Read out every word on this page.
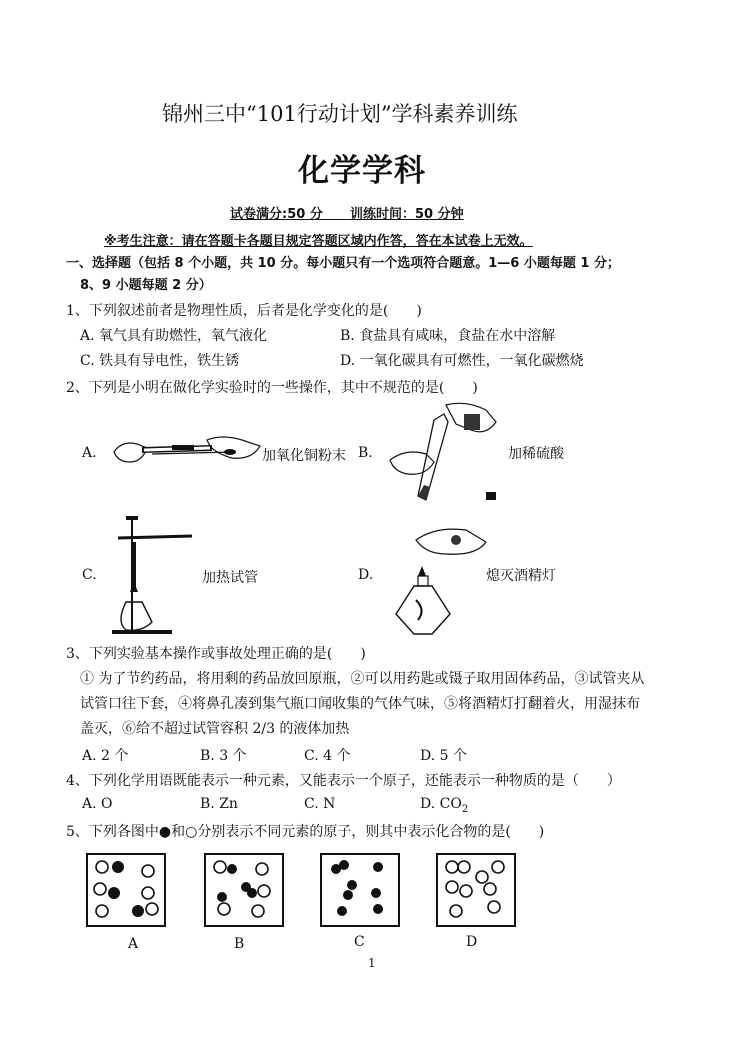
锦州三中“101行动计划”学科素养训练
化学学科
试卷满分:50 分      训练时间：50 分钟
※考生注意：请在答题卡各题目规定答题区域内作答，答在本试卷上无效。
一、选择题（包括 8 个小题，共 10 分。每小题只有一个选项符合题意。1—6 小题每题 1 分；
8、9 小题每题 2 分）
1、下列叙述前者是物理性质，后者是化学变化的是(　　)
A. 氧气具有助燃性，氧气液化	B. 食盐具有咸味，食盐在水中溶解
C. 铁具有导电性，铁生锈	D. 一氧化碳具有可燃性，一氧化碳燃烧
2、下列是小明在做化学实验时的一些操作，其中不规范的是(　　)
A.	加氧化铜粉末 B.	加稀硫酸
C.	加热试管	D.	熄灭酒精灯
3、下列实验基本操作或事故处理正确的是(　　)
① 为了节约药品，将用剩的药品放回原瓶，②可以用药匙或镊子取用固体药品，③试管夹从
试管口往下套，④将鼻孔凑到集气瓶口闻收集的气体气味，⑤将酒精灯打翻着火，用湿抹布
盖灭，⑥给不超过试管容积 2/3 的液体加热
A. 2 个	B. 3 个	C. 4 个	D. 5 个
4、下列化学用语既能表示一种元素，又能表示一个原子，还能表示一种物质的是（　　）
A. O	B. Zn	C. N	D. $CO_2$
5、下列各图中●和○分别表示不同元素的原子，则其中表示化合物的是(　　)
A	B	C	D
1
